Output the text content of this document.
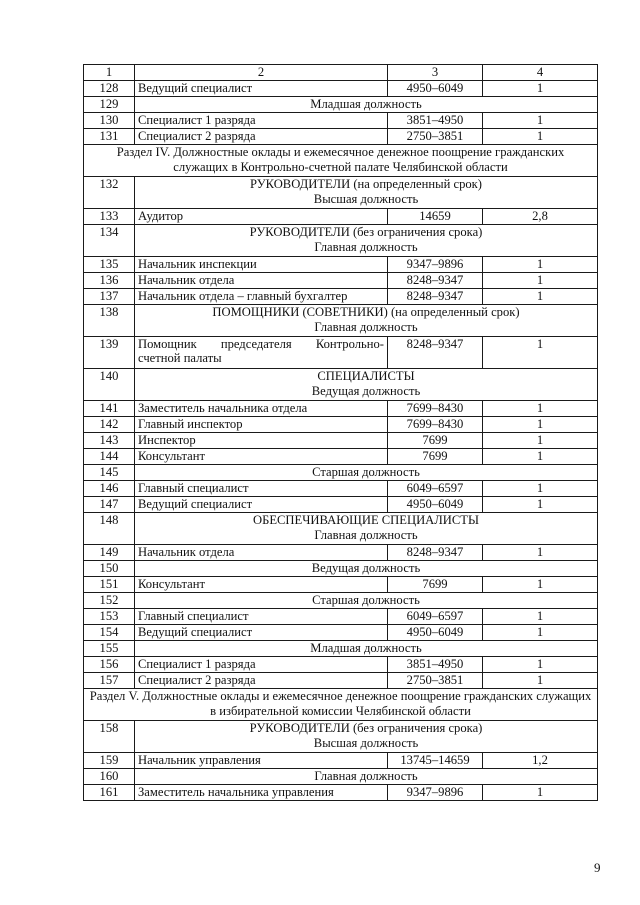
1	2	3	4
128	Ведущий специалист	4950–6049	1
129	Младшая должность		

130	Специалист 1 разряда	3851–4950	1
131	Специалист 2 разряда	2750–3851	1
Раздел IV. Должностные оклады и ежемесячное денежное поощрение гражданских служащих в Контрольно-счетной палате Челябинской области			
132	РУКОВОДИТЕЛИ (на определенный срок)
Высшая должность		

133	Аудитор	14659	2,8
134	РУКОВОДИТЕЛИ (без ограничения срока)
Главная должность		

135	Начальник инспекции	9347–9896	1
136	Начальник отдела	8248–9347	1
137	Начальник отдела – главный бухгалтер	8248–9347	1
138	ПОМОЩНИКИ (СОВЕТНИКИ) (на определенный срок)
Главная должность		

139	Помощник председателя Контрольно-счетной палаты	8248–9347	1
140	СПЕЦИАЛИСТЫ
Ведущая должность		

141	Заместитель начальника отдела	7699–8430	1
142	Главный инспектор	7699–8430	1
143	Инспектор	7699	1
144	Консультант	7699	1
145	Старшая должность		

146	Главный специалист	6049–6597	1
147	Ведущий специалист	4950–6049	1
148	ОБЕСПЕЧИВАЮЩИЕ СПЕЦИАЛИСТЫ
Главная должность		

149	Начальник отдела	8248–9347	1
150	Ведущая должность		

151	Консультант	7699	1
152	Старшая должность		

153	Главный специалист	6049–6597	1
154	Ведущий специалист	4950–6049	1
155	Младшая должность		

156	Специалист 1 разряда	3851–4950	1
157	Специалист 2 разряда	2750–3851	1
Раздел V. Должностные оклады и ежемесячное денежное поощрение гражданских служащих в избирательной комиссии Челябинской области			
158	РУКОВОДИТЕЛИ (без ограничения срока)
Высшая должность		

159	Начальник управления	13745–14659	1,2
160	Главная должность		

161	Заместитель начальника управления	9347–9896	1
9
